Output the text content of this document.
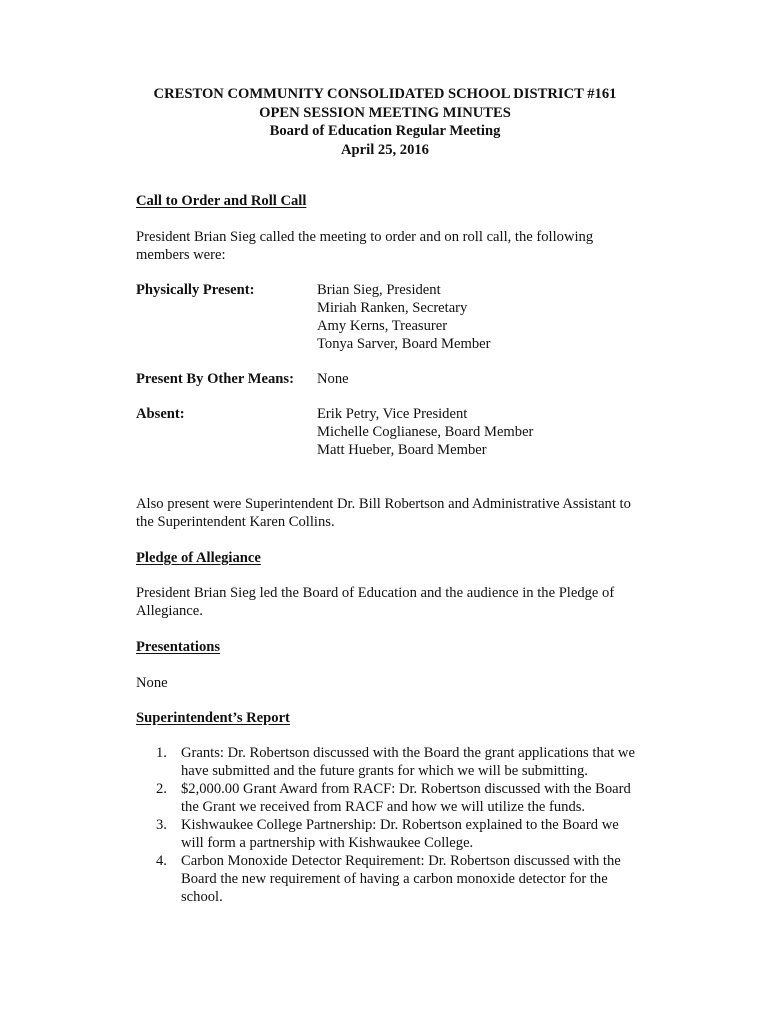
CRESTON COMMUNITY CONSOLIDATED SCHOOL DISTRICT #161
OPEN SESSION MEETING MINUTES
Board of Education Regular Meeting
April 25, 2016
Call to Order and Roll Call
President Brian Sieg called the meeting to order and on roll call, the following
members were:
Physically Present:	Brian Sieg, President
Miriah Ranken, Secretary
Amy Kerns, Treasurer
Tonya Sarver, Board Member
Present By Other Means: None
Absent:	Erik Petry, Vice President
Michelle Coglianese, Board Member
Matt Hueber, Board Member
Also present were Superintendent Dr. Bill Robertson and Administrative Assistant to
the Superintendent Karen Collins.
Pledge of Allegiance
President Brian Sieg led the Board of Education and the audience in the Pledge of
Allegiance.
Presentations
None
Superintendent’s Report
1. Grants: Dr. Robertson discussed with the Board the grant applications that we
have submitted and the future grants for which we will be submitting.
2. $2,000.00 Grant Award from RACF: Dr. Robertson discussed with the Board
the Grant we received from RACF and how we will utilize the funds.
3. Kishwaukee College Partnership: Dr. Robertson explained to the Board we
will form a partnership with Kishwaukee College.
4. Carbon Monoxide Detector Requirement: Dr. Robertson discussed with the
Board the new requirement of having a carbon monoxide detector for the
school.
